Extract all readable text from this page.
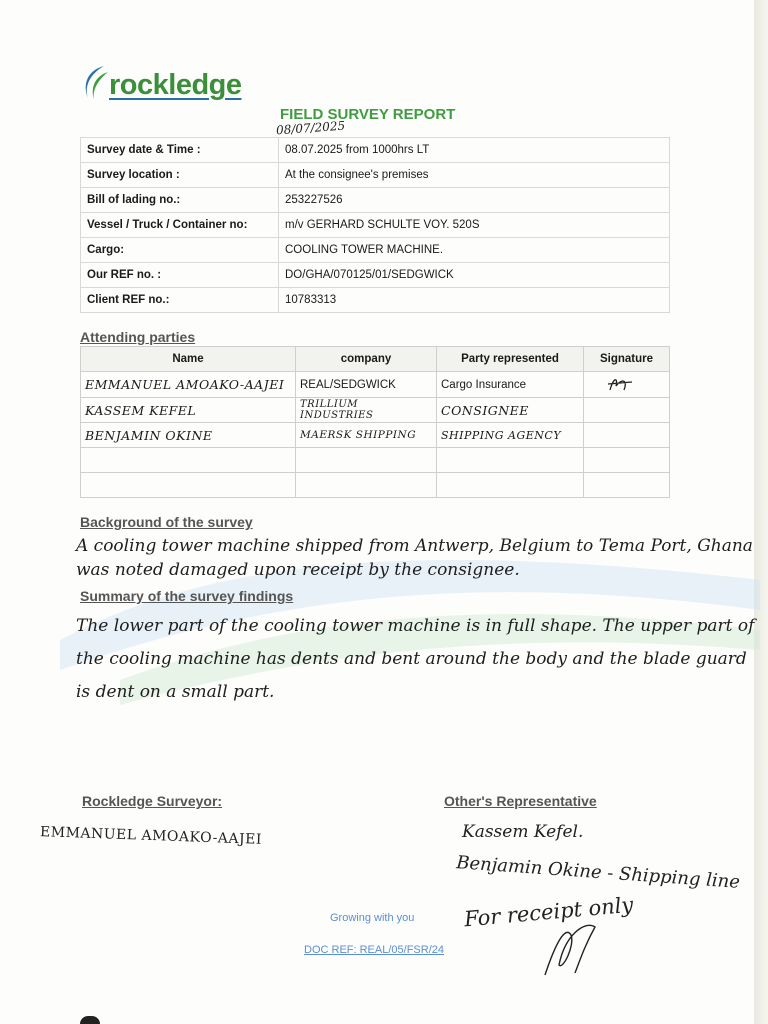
rockledge
FIELD SURVEY REPORT
08/07/2025
Survey date & Time :	08.07.2025 from 1000hrs LT
Survey location :	At the consignee's premises
Bill of lading no.:	253227526
Vessel / Truck / Container no:	m/v GERHARD SCHULTE VOY. 520S
Cargo:	COOLING TOWER MACHINE.
Our REF no. :	DO/GHA/070125/01/SEDGWICK
Client REF no.:	10783313
Attending parties
Name	company	Party represented	Signature
EMMANUEL AMOAKO-AAJEI	REAL/SEDGWICK	Cargo Insurance	
KASSEM KEFEL	TRILLIUM INDUSTRIES	CONSIGNEE	
BENJAMIN OKINE	MAERSK SHIPPING	SHIPPING AGENCY	

Background of the survey
A cooling tower machine shipped from Antwerp, Belgium to Tema Port, Ghana was noted damaged upon receipt by the consignee.
Summary of the survey findings
The lower part of the cooling tower machine is in full shape. The upper part of the cooling machine has dents and bent around the body and the blade guard is dent on a small part.
Rockledge Surveyor:
EMMANUEL AMOAKO-AAJEI
Other's Representative
Kassem Kefel.
Benjamin Okine - Shipping line
For receipt only
Growing with you
DOC REF: REAL/05/FSR/24
